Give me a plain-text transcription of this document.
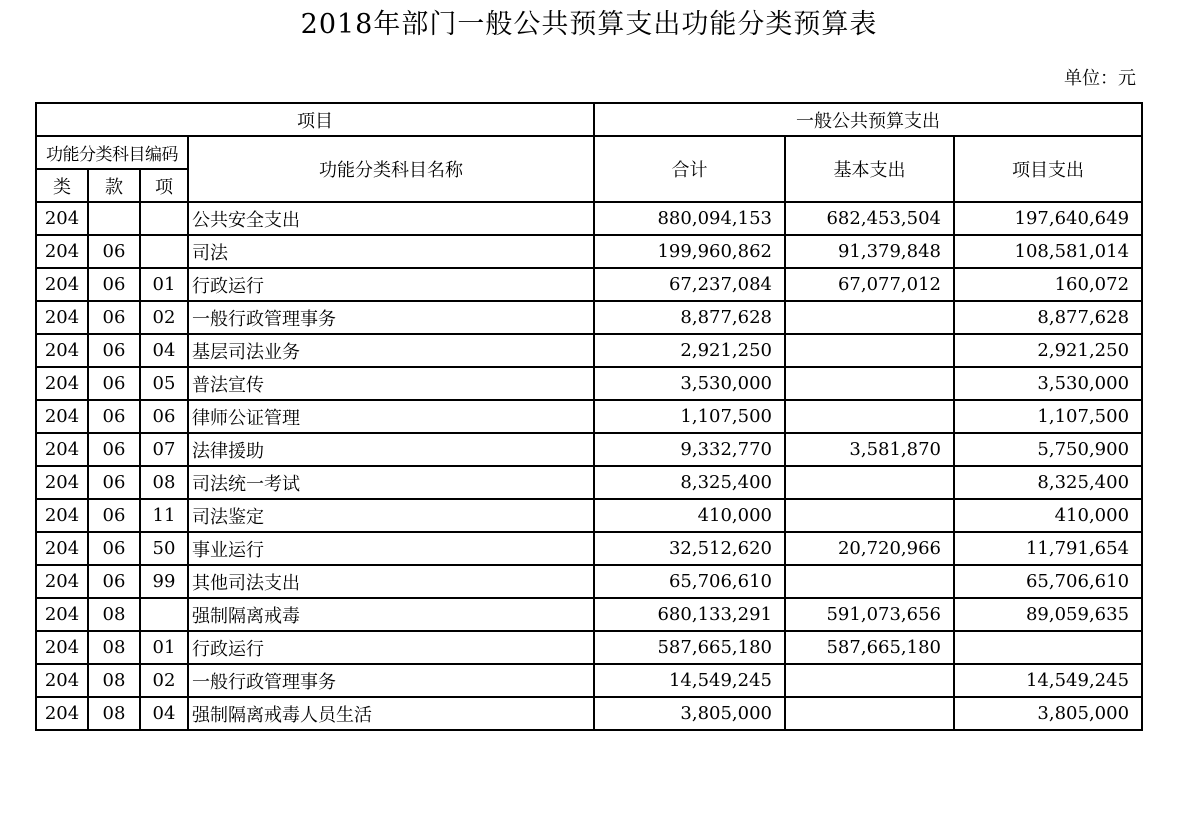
2018年部门一般公共预算支出功能分类预算表
单位：元
项目				一般公共预算支出		
功能分类科目编码			功能分类科目名称	合计	基本支出	项目支出
类	款	项				
204			公共安全支出	880,094,153	682,453,504	197,640,649
204	06		司法	199,960,862	91,379,848	108,581,014
204	06	01	行政运行	67,237,084	67,077,012	160,072
204	06	02	一般行政管理事务	8,877,628		8,877,628
204	06	04	基层司法业务	2,921,250		2,921,250
204	06	05	普法宣传	3,530,000		3,530,000
204	06	06	律师公证管理	1,107,500		1,107,500
204	06	07	法律援助	9,332,770	3,581,870	5,750,900
204	06	08	司法统一考试	8,325,400		8,325,400
204	06	11	司法鉴定	410,000		410,000
204	06	50	事业运行	32,512,620	20,720,966	11,791,654
204	06	99	其他司法支出	65,706,610		65,706,610
204	08		强制隔离戒毒	680,133,291	591,073,656	89,059,635
204	08	01	行政运行	587,665,180	587,665,180	
204	08	02	一般行政管理事务	14,549,245		14,549,245
204	08	04	强制隔离戒毒人员生活	3,805,000		3,805,000
